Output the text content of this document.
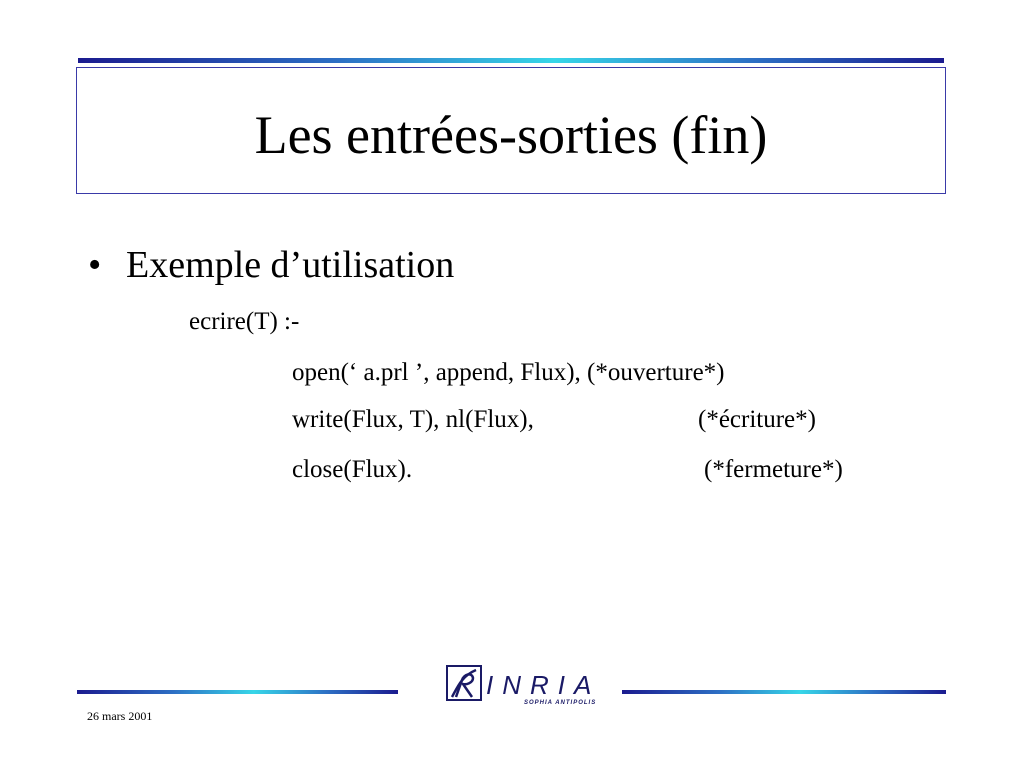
Les entrées-sorties (fin)
• Exemple d’utilisation
ecrire(T) :-
open(‘ a.prl ’, append, Flux), (*ouverture*)
write(Flux, T), nl(Flux),	(*écriture*)
close(Flux).	(*fermeture*)
INRIA
SOPHIA ANTIPOLIS
26 mars 2001
